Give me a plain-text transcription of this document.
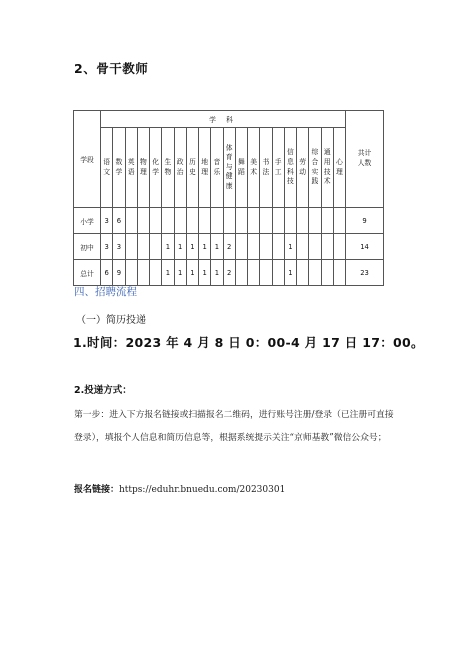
2、骨干教师
学段	学 科																				共计人数

	语文	数学	英语	物理	化学	生物	政治	历史	地理	音乐	体育与健康	舞蹈	美术	书法	手工	信息科技	劳动	综合实践	通用技术	心理	

小学	3	6																			9
初中	3	3				1	1	1	1	1	2					1					14
总计	6	9				1	1	1	1	1	2					1					23
四、招聘流程
（一）简历投递
1.时间：2023 年 4 月 8 日 0：00-4 月 17 日 17：00。
2.投递方式：
第一步：进入下方报名链接或扫描报名二维码，进行账号注册/登录（已注册可直接登录），填报个人信息和简历信息等，根据系统提示关注“京师基教”微信公众号；
报名链接：https://eduhr.bnuedu.com/20230301
